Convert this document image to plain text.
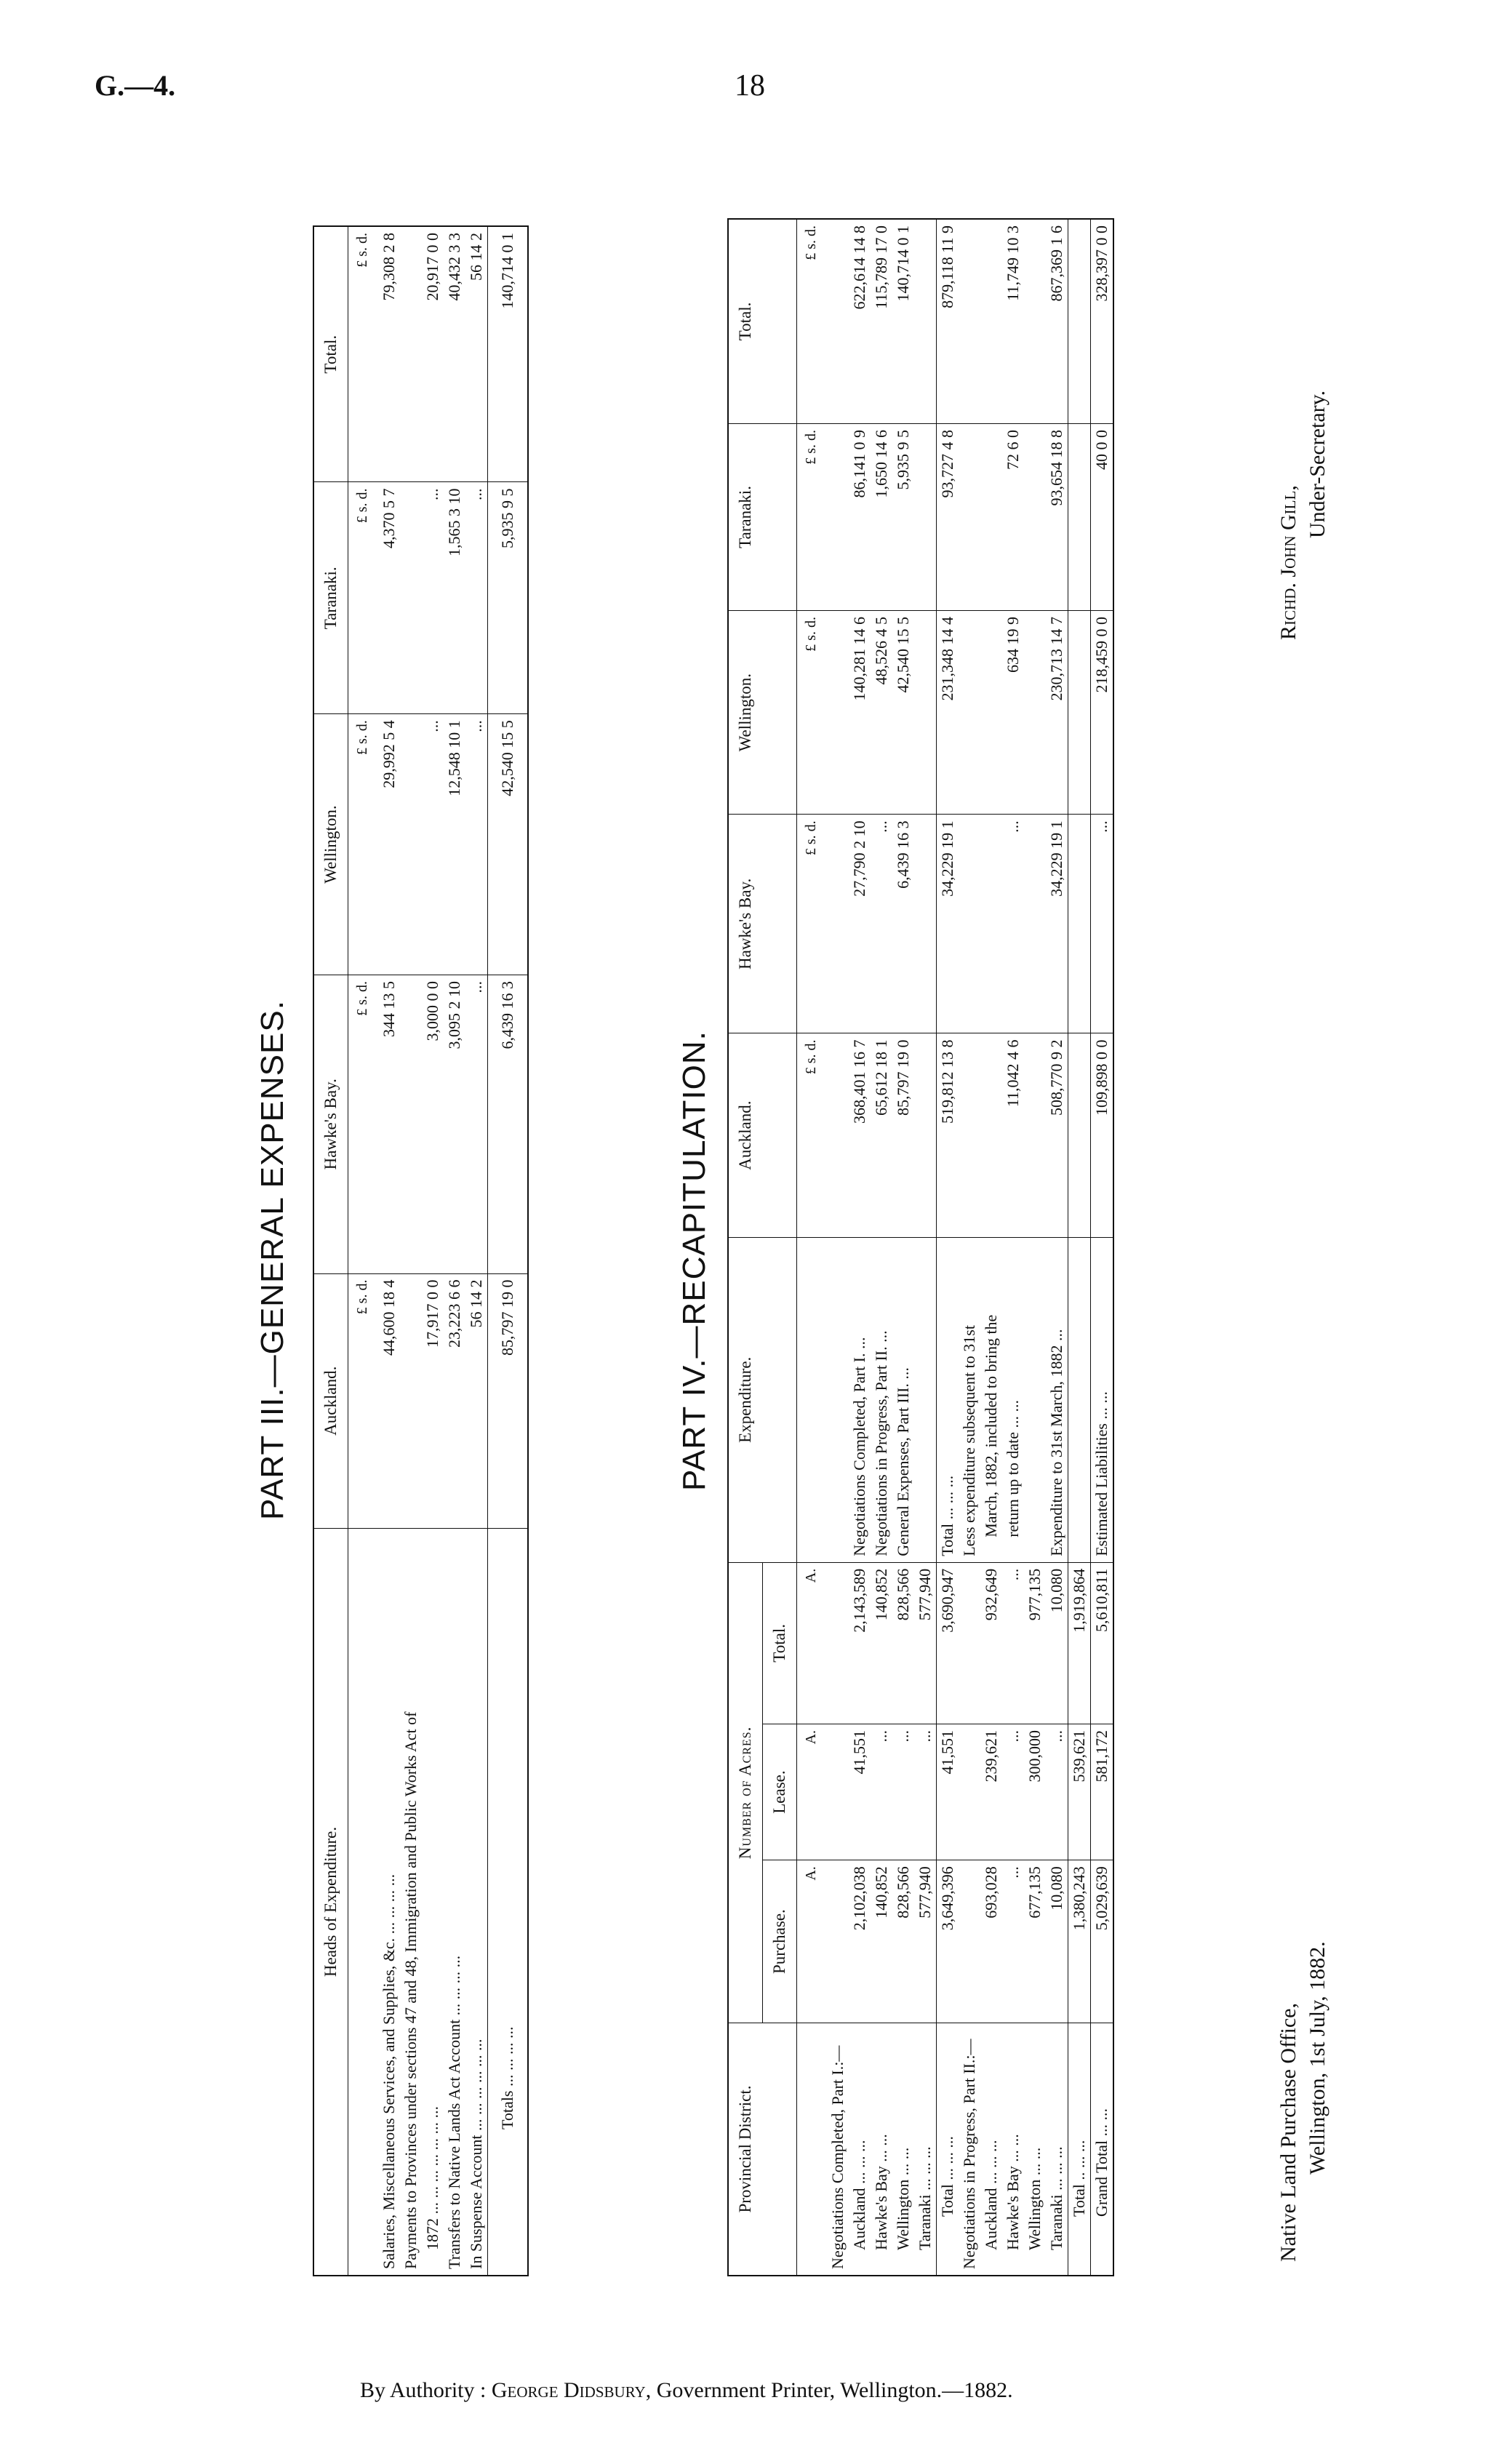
G.—4.	18
PART III.—GENERAL EXPENSES.
Heads of Expenditure.	Auckland.	Hawke's Bay.	Wellington.	Taranaki.	Total.
	£ s. d.	£ s. d.	£ s. d.	£ s. d.	£ s. d.
Salaries, Miscellaneous Services, and Supplies, &c. ... ... ... ...	44,600 18 4	344 13 5	29,992 5 4	4,370 5 7	79,308 2 8
Payments to Provinces under sections 47 and 48, Immigration and Public Works Act of					
1872 ... ... ... ... ... ... ...	17,917 0 0	3,000 0 0	...	...	20,917 0 0
Transfers to Native Lands Act Account ... ... ... ...	23,223 6 6	3,095 2 10	12,548 10 1	1,565 3 10	40,432 3 3
In Suspense Account ... ... ... ... ... ...	56 14 2	...	...	...	56 14 2
Totals ... ... ... ...	85,797 19 0	6,439 16 3	42,540 15 5	5,935 9 5	140,714 0 1
PART IV.—RECAPITULATION.
Provincial District.	Number of Acres.			Expenditure.	Auckland.	Hawke's Bay.	Wellington.	Taranaki.	Total.
	Purchase.	Lease.	Total.						
	A.	A.	A.		£ s. d.	£ s. d.	£ s. d.	£ s. d.	£ s. d.
Negotiations Completed, Part I.:—									
Auckland ... ... ...	2,102,038	41,551	2,143,589	Negotiations Completed, Part I. ...	368,401 16 7	27,790 2 10	140,281 14 6	86,141 0 9	622,614 14 8
Hawke's Bay ... ...	140,852	...	140,852	Negotiations in Progress, Part II. ...	65,612 18 1	...	48,526 4 5	1,650 14 6	115,789 17 0
Wellington ... ...	828,566	...	828,566	General Expenses, Part III. ...	85,797 19 0	6,439 16 3	42,540 15 5	5,935 9 5	140,714 0 1
Taranaki ... ... ...	577,940	...	577,940						
Total ... ... ...	3,649,396	41,551	3,690,947	Total ... ... ...	519,812 13 8	34,229 19 1	231,348 14 4	93,727 4 8	879,118 11 9
Negotiations in Progress, Part II.:—				Less expenditure subsequent to 31st					
Auckland ... ... ...	693,028	239,621	932,649	March, 1882, included to bring the					
Hawke's Bay ... ...	...	...	...	return up to date ... ...	11,042 4 6	...	634 19 9	72 6 0	11,749 10 3
Wellington ... ...	677,135	300,000	977,135						
Taranaki ... ... ...	10,080	...	10,080	Expenditure to 31st March, 1882 ...	508,770 9 2	34,229 19 1	230,713 14 7	93,654 18 8	867,369 1 6
Total .. ... ...	1,380,243	539,621	1,919,864						
Grand Total ... ...	5,029,639	581,172	5,610,811	Estimated Liabilities ... ...	109,898 0 0	...	218,459 0 0	40 0 0	328,397 0 0
Native Land Purchase Office, Wellington, 1st July, 1882.
Richd. John Gill,
Under-Secretary.
By Authority : George Didsbury, Government Printer, Wellington.—1882.
